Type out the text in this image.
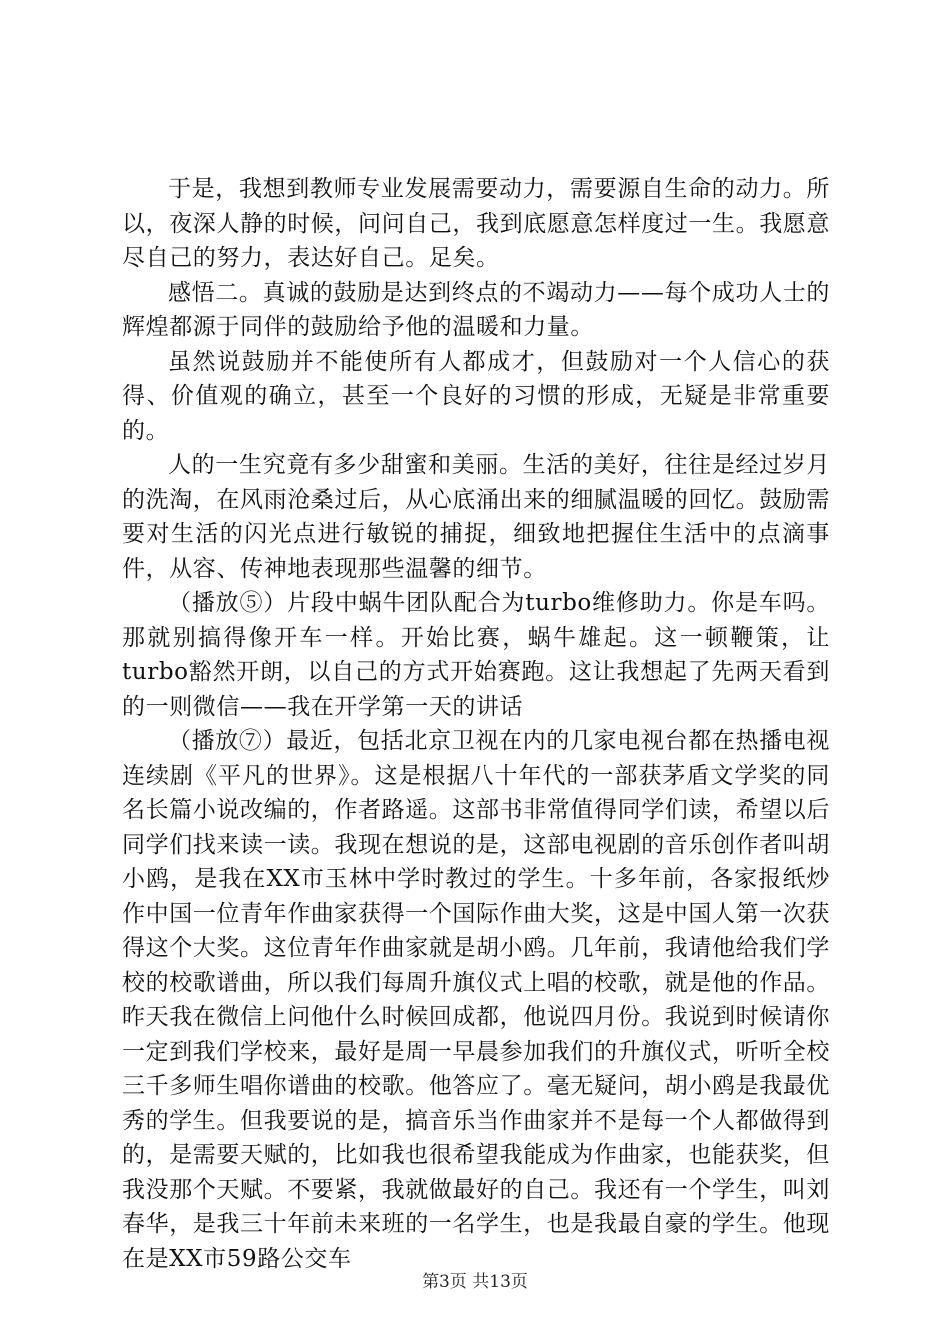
于是，我想到教师专业发展需要动力，需要源自生命的动力。所以，夜深人静的时候，问问自己，我到底愿意怎样度过一生。我愿意尽自己的努力，表达好自己。足矣。

感悟二。真诚的鼓励是达到终点的不竭动力——每个成功人士的辉煌都源于同伴的鼓励给予他的温暖和力量。

虽然说鼓励并不能使所有人都成才，但鼓励对一个人信心的获得、价值观的确立，甚至一个良好的习惯的形成，无疑是非常重要的。

人的一生究竟有多少甜蜜和美丽。生活的美好，往往是经过岁月的洗淘，在风雨沧桑过后，从心底涌出来的细腻温暖的回忆。鼓励需要对生活的闪光点进行敏锐的捕捉，细致地把握住生活中的点滴事件，从容、传神地表现那些温馨的细节。

（播放⑤）片段中蜗牛团队配合为turbo维修助力。你是车吗。那就别搞得像开车一样。开始比赛，蜗牛雄起。这一顿鞭策，让turbo豁然开朗，以自己的方式开始赛跑。这让我想起了先两天看到的一则微信——我在开学第一天的讲话

（播放⑦）最近，包括北京卫视在内的几家电视台都在热播电视连续剧《平凡的世界》。这是根据八十年代的一部获茅盾文学奖的同名长篇小说改编的，作者路遥。这部书非常值得同学们读，希望以后同学们找来读一读。我现在想说的是，这部电视剧的音乐创作者叫胡小鸥，是我在XX市玉林中学时教过的学生。十多年前，各家报纸炒作中国一位青年作曲家获得一个国际作曲大奖，这是中国人第一次获得这个大奖。这位青年作曲家就是胡小鸥。几年前，我请他给我们学校的校歌谱曲，所以我们每周升旗仪式上唱的校歌，就是他的作品。昨天我在微信上问他什么时候回成都，他说四月份。我说到时候请你一定到我们学校来，最好是周一早晨参加我们的升旗仪式，听听全校三千多师生唱你谱曲的校歌。他答应了。毫无疑问，胡小鸥是我最优秀的学生。但我要说的是，搞音乐当作曲家并不是每一个人都做得到的，是需要天赋的，比如我也很希望我能成为作曲家，也能获奖，但我没那个天赋。不要紧，我就做最好的自己。我还有一个学生，叫刘春华，是我三十年前未来班的一名学生，也是我最自豪的学生。他现在是XX市59路公交车

第3页 共13页
